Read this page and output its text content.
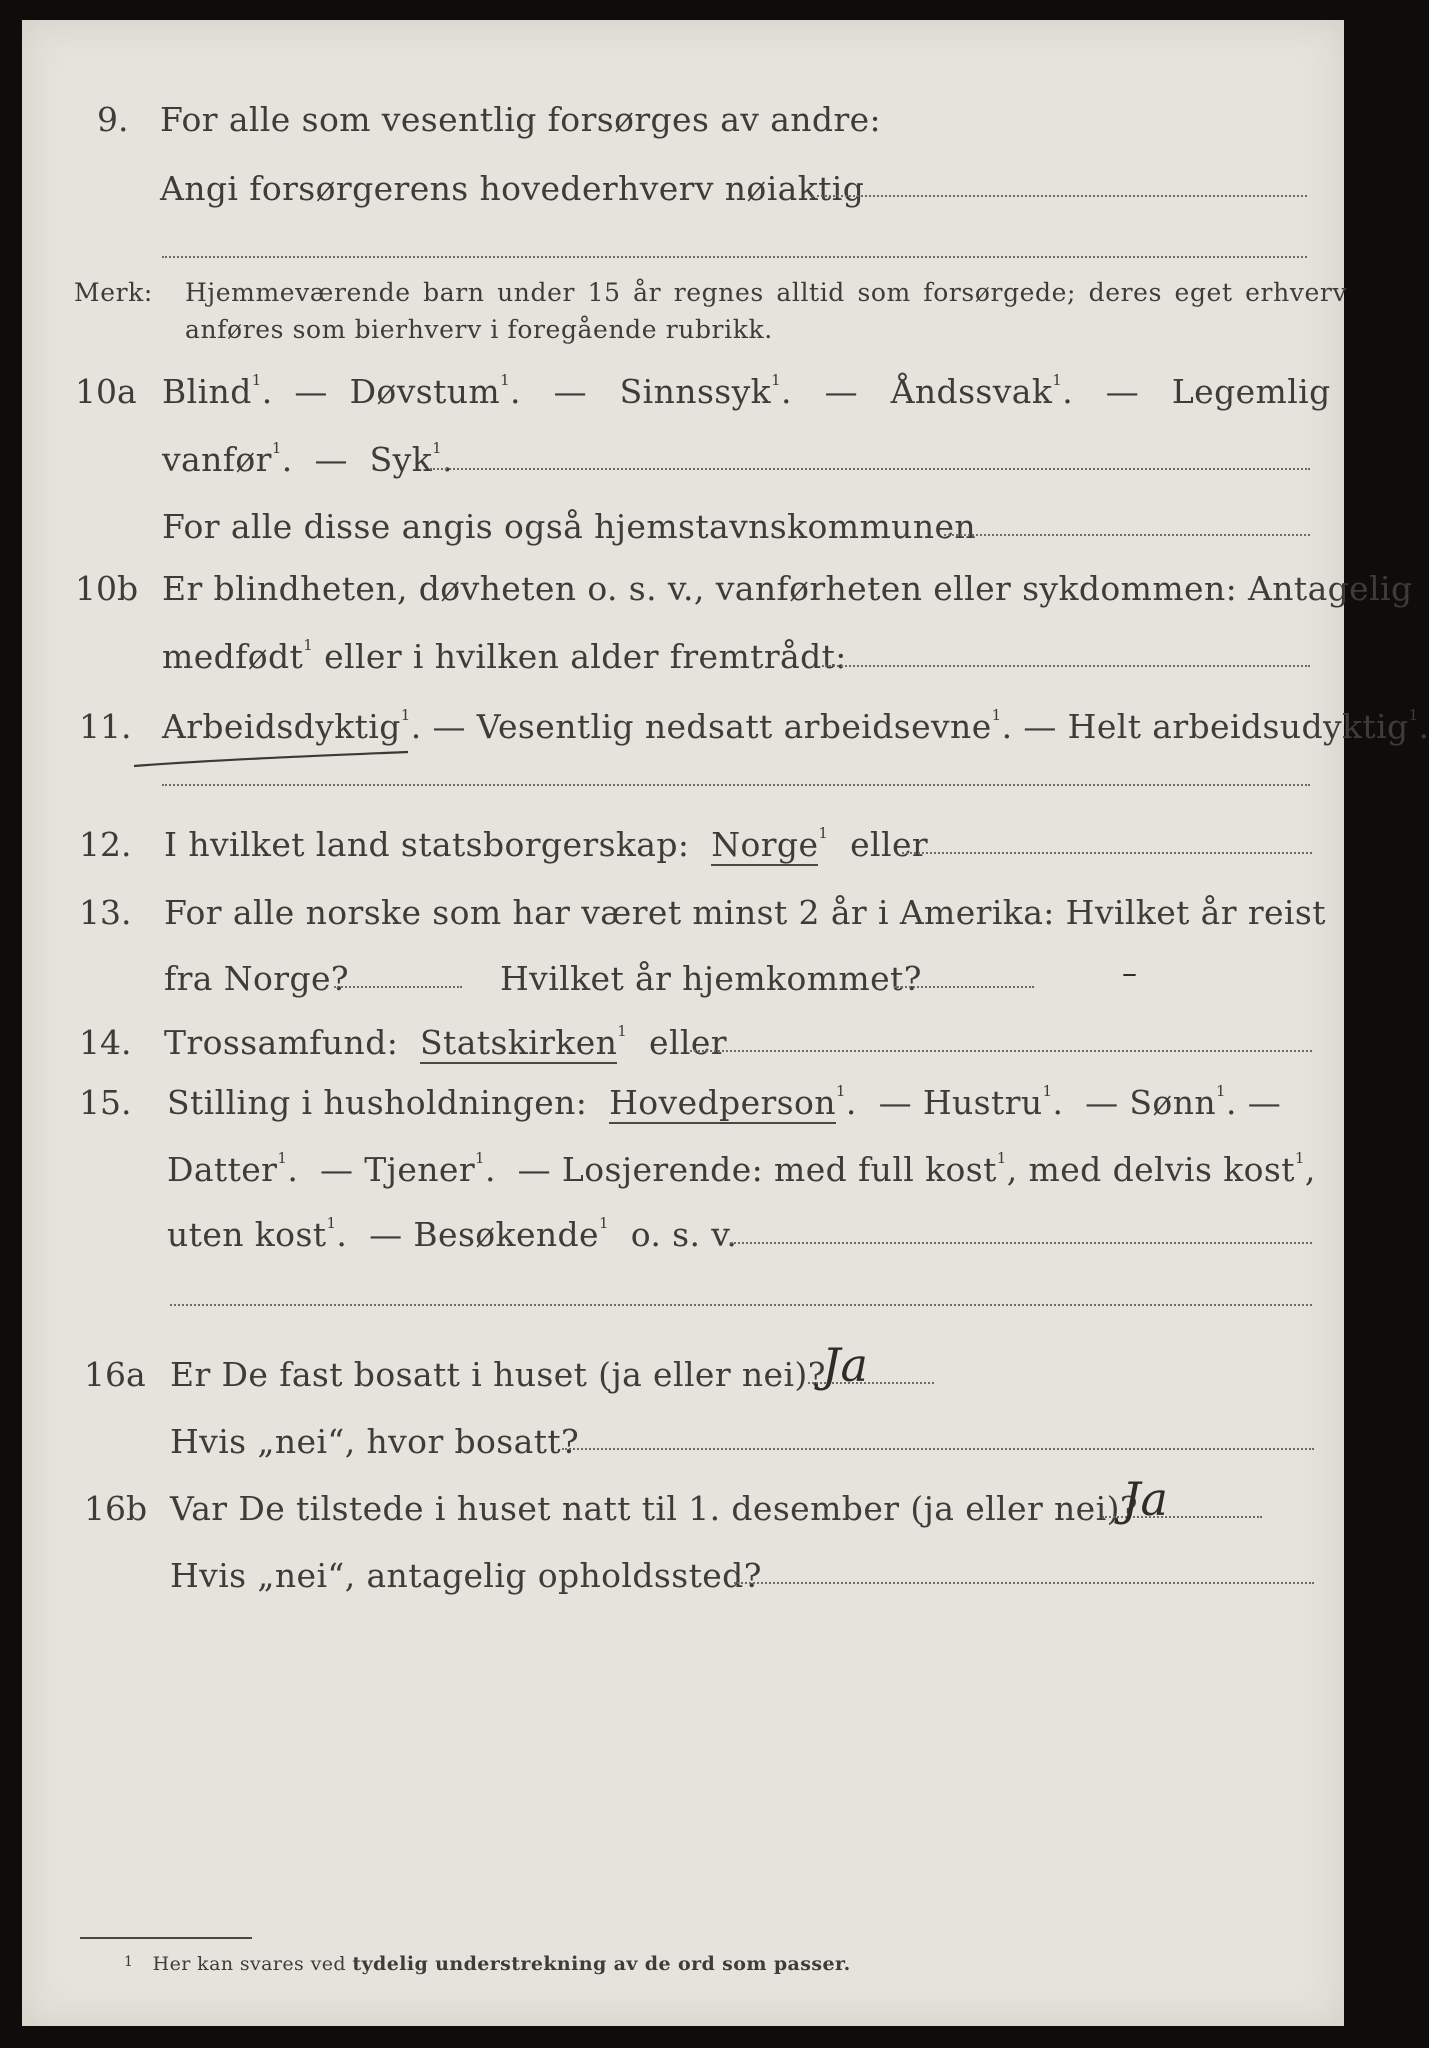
9. For alle som vesentlig forsørges av andre:
Angi forsørgerens hovederhverv nøiaktig
Merk: Hjemmeværende barn under 15 år regnes alltid som forsørgede; deres eget erhverv
anføres som bierhverv i foregående rubrikk.
10a Blind$^1$.  —  Døvstum$^1$.   —   Sinnssyk$^1$.   —   Åndssvak$^1$.   —   Legemlig
vanfør$^1$.  —  Syk$^1$.
For alle disse angis også hjemstavnskommunen
10b Er blindheten, døvheten o. s. v., vanførheten eller sykdommen: Antagelig
medfødt$^1$ eller i hvilken alder fremtrådt:
11. Arbeidsdyktig$^1$. — Vesentlig nedsatt arbeidsevne$^1$. — Helt arbeidsudyktig$^1$.
12. I hvilket land statsborgerskap: Norge$^1$ eller
13. For alle norske som har været minst 2 år i Amerika: Hvilket år reist
fra Norge?	Hvilket år hjemkommet?	–
14. Trossamfund: Statskirken$^1$ eller
15. Stilling i husholdningen: Hovedperson$^1$.  — Hustru$^1$.  — Sønn$^1$. —
Datter$^1$.  — Tjener$^1$.  — Losjerende: med full kost$^1$, med delvis kost$^1$,
uten kost$^1$.  — Besøkende$^1$ o. s. v.
16a Er De fast bosatt i huset (ja eller nei)?
Ja
Hvis „nei“, hvor bosatt?
16b Var De tilstede i huset natt til 1. desember (ja eller nei)?
Ja
Hvis „nei“, antagelig opholdssted?
$^1$ Her kan svares ved tydelig understrekning av de ord som passer.
